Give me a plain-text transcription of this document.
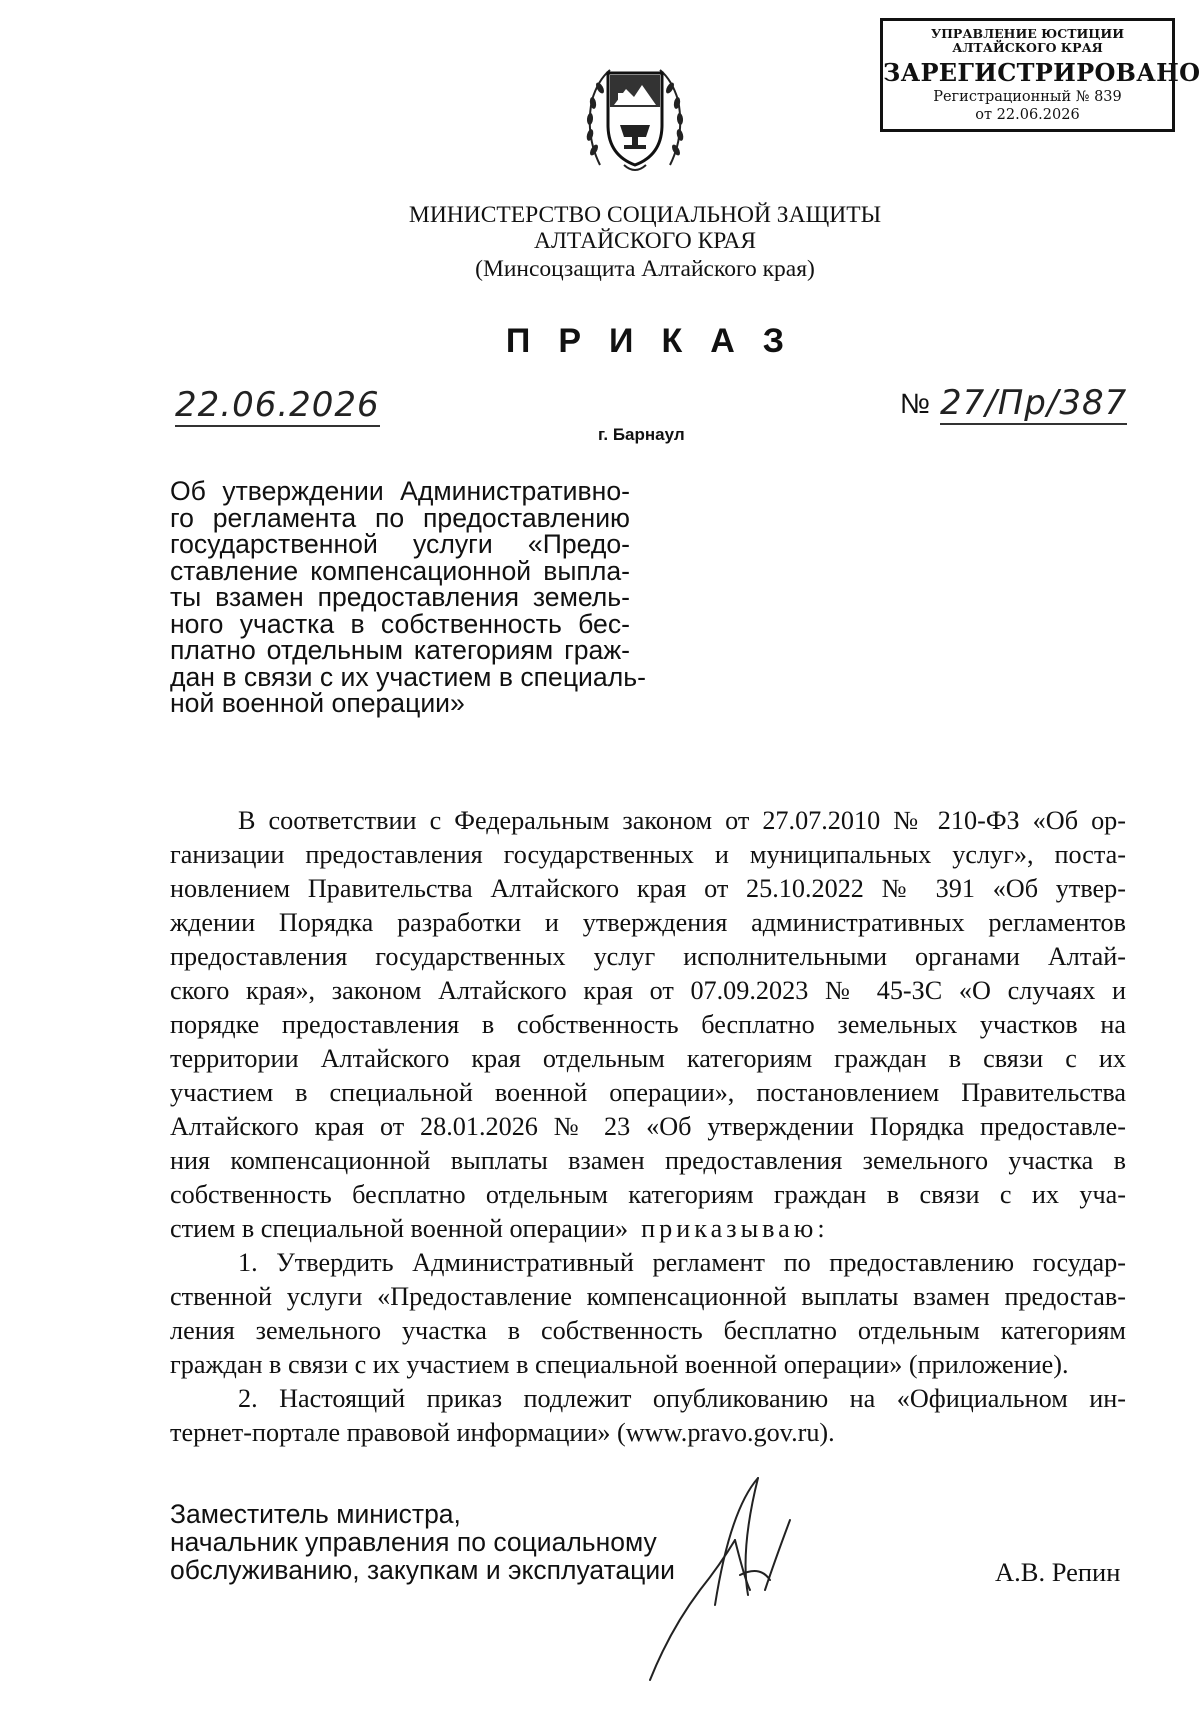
УПРАВЛЕНИЕ ЮСТИЦИИ
АЛТАЙСКОГО КРАЯ
ЗАРЕГИСТРИРОВАНО
Регистрационный № 839
от 22.06.2026
МИНИСТЕРСТВО СОЦИАЛЬНОЙ ЗАЩИТЫ
АЛТАЙСКОГО КРАЯ
(Минсоцзащита Алтайского края)
ПРИКАЗ
22.06.2026	№ 27/Пр/387
г. Барнаул
Об утверждении Административно-
го регламента по предоставлению
государственной услуги «Предо-
ставление компенсационной выпла-
ты взамен предоставления земель-
ного участка в собственность бес-
платно отдельным категориям граж-
дан в связи с их участием в специаль-
ной военной операции»
В соответствии с Федеральным законом от 27.07.2010 № 210-ФЗ «Об ор-
ганизации предоставления государственных и муниципальных услуг», поста-
новлением Правительства Алтайского края от 25.10.2022 № 391 «Об утвер-
ждении Порядка разработки и утверждения административных регламентов
предоставления государственных услуг исполнительными органами Алтай-
ского края», законом Алтайского края от 07.09.2023 № 45-ЗС «О случаях и
порядке предоставления в собственность бесплатно земельных участков на
территории Алтайского края отдельным категориям граждан в связи с их
участием в специальной военной операции», постановлением Правительства
Алтайского края от 28.01.2026 № 23 «Об утверждении Порядка предоставле-
ния компенсационной выплаты взамен предоставления земельного участка в
собственность бесплатно отдельным категориям граждан в связи с их уча-
стием в специальной военной операции» приказываю:
1. Утвердить Административный регламент по предоставлению государ-
ственной услуги «Предоставление компенсационной выплаты взамен предостав-
ления земельного участка в собственность бесплатно отдельным категориям
граждан в связи с их участием в специальной военной операции» (приложение).
2. Настоящий приказ подлежит опубликованию на «Официальном ин-
тернет-портале правовой информации» (www.pravo.gov.ru).
Заместитель министра,
начальник управления по социальному
обслуживанию, закупкам и эксплуатации	А.В. Репин
